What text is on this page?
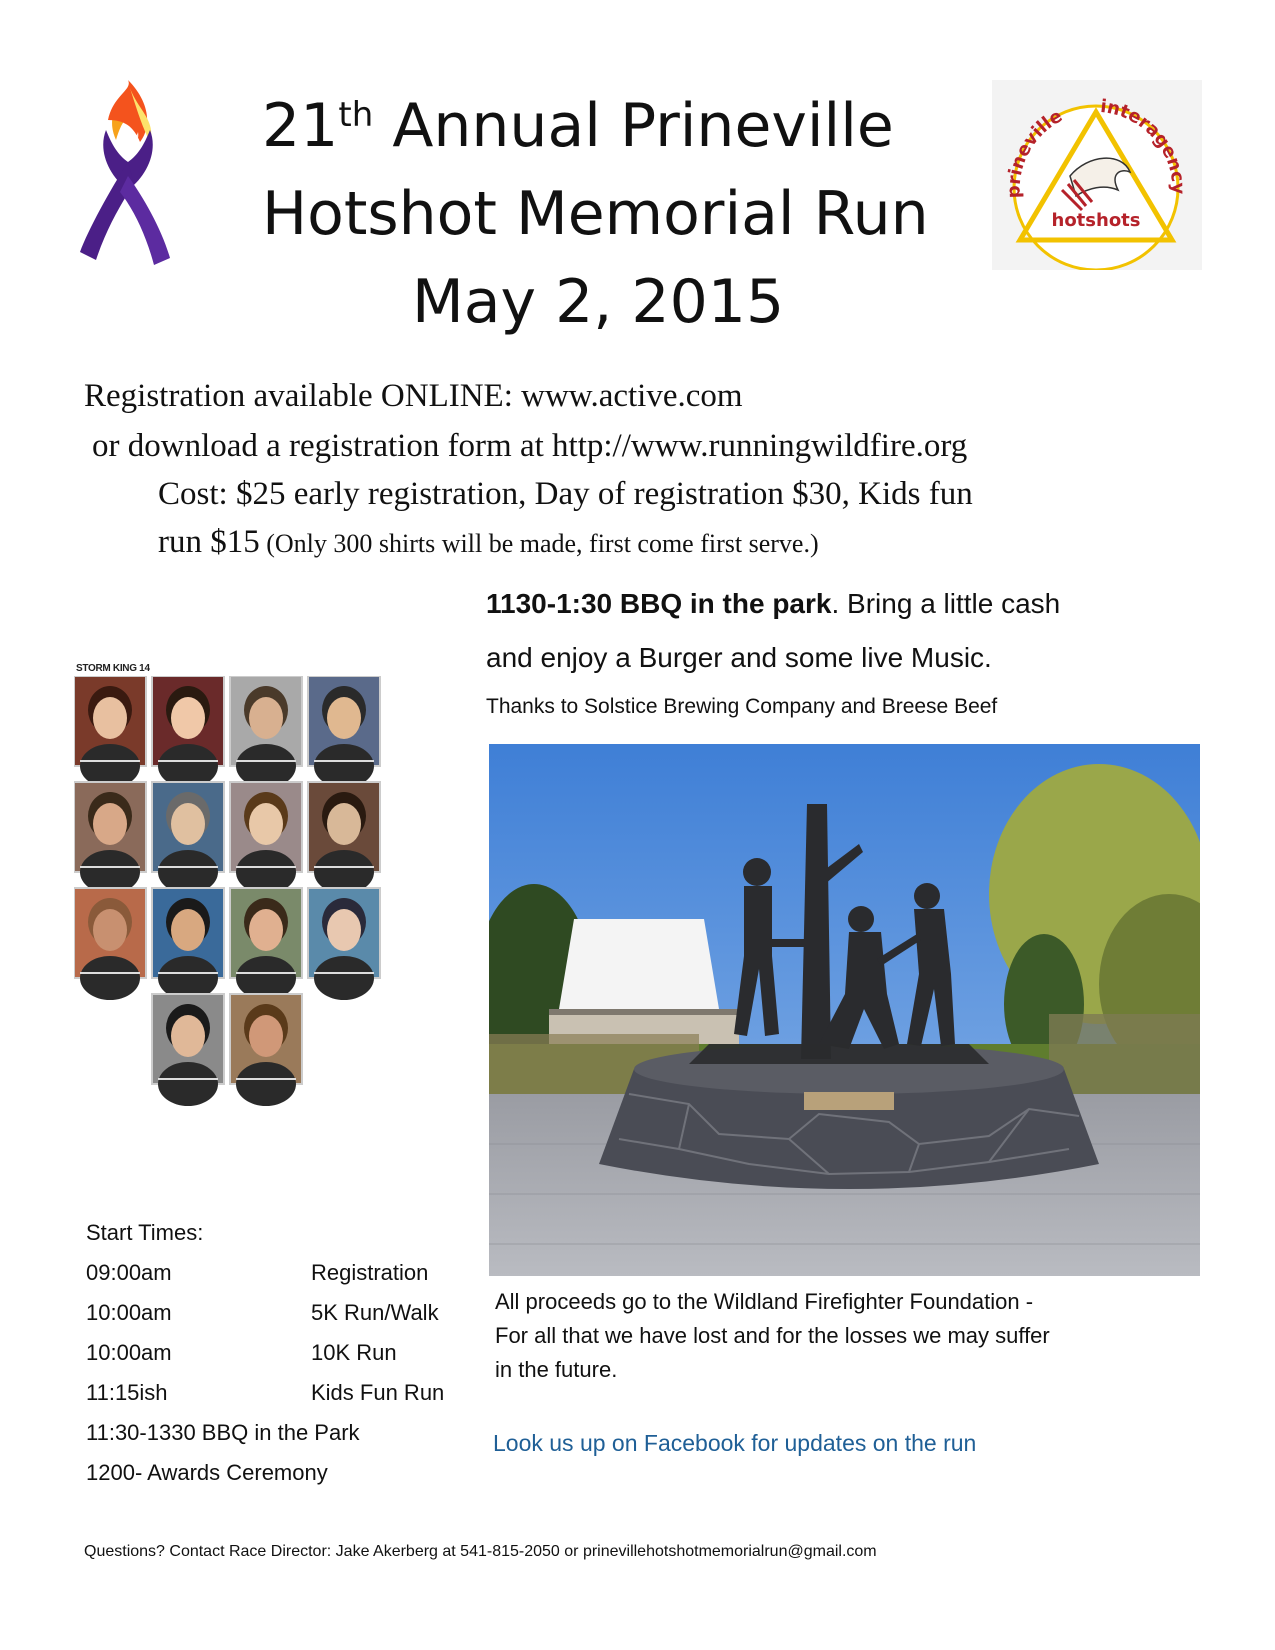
21th Annual Prineville
Hotshot Memorial Run
May 2, 2015
prineville interagency
hotshots
Registration available ONLINE: www.active.com
or download a registration form at http://www.runningwildfire.org
Cost: $25 early registration, Day of registration $30, Kids fun
run $15 (Only 300 shirts will be made, first come first serve.)
1130-1:30 BBQ in the park. Bring a little cash
and enjoy a Burger and some live Music.
Thanks to Solstice Brewing Company and Breese Beef
STORM KING 14
Start Times:
09:00am	Registration
10:00am	5K Run/Walk
10:00am	10K Run
11:15ish	Kids Fun Run
11:30-1330 BBQ in the Park
1200- Awards Ceremony
All proceeds go to the Wildland Firefighter Foundation -
For all that we have lost and for the losses we may suffer
in the future.
Look us up on Facebook for updates on the run
Questions? Contact Race Director: Jake Akerberg at 541-815-2050 or prinevillehotshotmemorialrun@gmail.com
